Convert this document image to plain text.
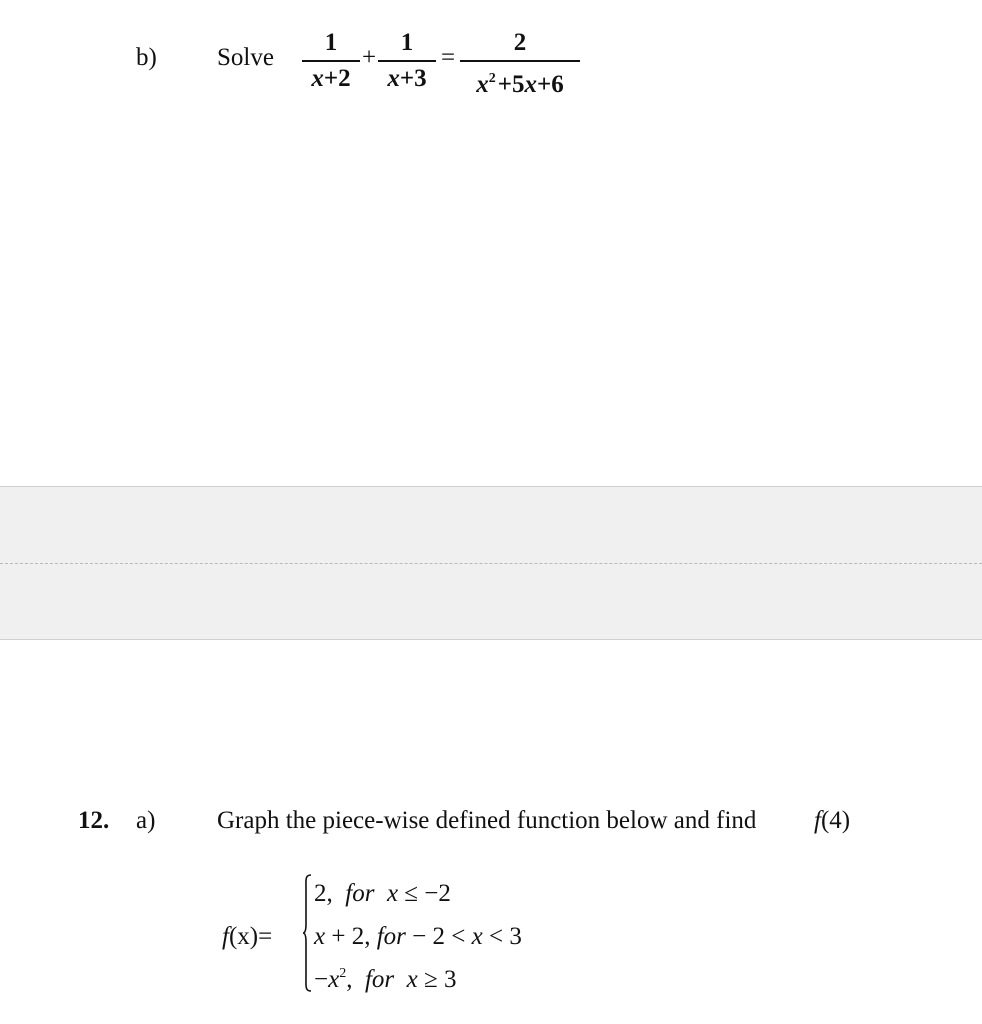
b) Solve
1
x+2
+
1
x+3
=
2
$x^2+5x+6$
12. a) Graph the piece-wise defined function below and find f(4)
f(x)=
2, for x ≤ −2
x + 2, for − 2 < x < 3
$-x^2$, for x ≥ 3
